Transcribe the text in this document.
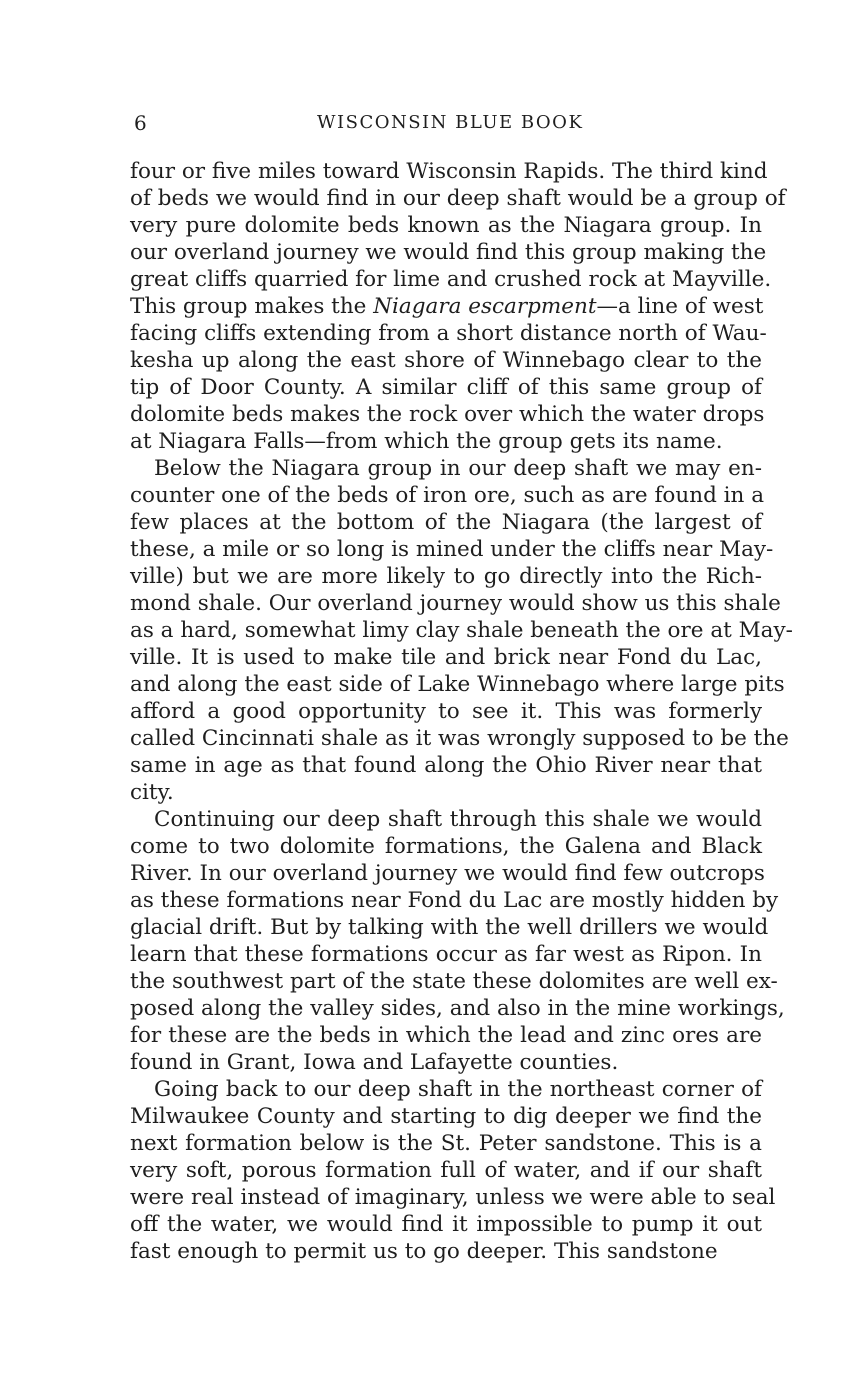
6	WISCONSIN BLUE BOOK
four or five miles toward Wisconsin Rapids. The third kind
of beds we would find in our deep shaft would be a group of
very pure dolomite beds known as the Niagara group. In
our overland journey we would find this group making the
great cliffs quarried for lime and crushed rock at Mayville.
This group makes the Niagara escarpment—a line of west
facing cliffs extending from a short distance north of Wau-
kesha up along the east shore of Winnebago clear to the
tip of Door County. A similar cliff of this same group of
dolomite beds makes the rock over which the water drops
at Niagara Falls—from which the group gets its name.
Below the Niagara group in our deep shaft we may en-
counter one of the beds of iron ore, such as are found in a
few places at the bottom of the Niagara (the largest of
these, a mile or so long is mined under the cliffs near May-
ville) but we are more likely to go directly into the Rich-
mond shale. Our overland journey would show us this shale
as a hard, somewhat limy clay shale beneath the ore at May-
ville. It is used to make tile and brick near Fond du Lac,
and along the east side of Lake Winnebago where large pits
afford a good opportunity to see it. This was formerly
called Cincinnati shale as it was wrongly supposed to be the
same in age as that found along the Ohio River near that
city.
Continuing our deep shaft through this shale we would
come to two dolomite formations, the Galena and Black
River. In our overland journey we would find few outcrops
as these formations near Fond du Lac are mostly hidden by
glacial drift. But by talking with the well drillers we would
learn that these formations occur as far west as Ripon. In
the southwest part of the state these dolomites are well ex-
posed along the valley sides, and also in the mine workings,
for these are the beds in which the lead and zinc ores are
found in Grant, Iowa and Lafayette counties.
Going back to our deep shaft in the northeast corner of
Milwaukee County and starting to dig deeper we find the
next formation below is the St. Peter sandstone. This is a
very soft, porous formation full of water, and if our shaft
were real instead of imaginary, unless we were able to seal
off the water, we would find it impossible to pump it out
fast enough to permit us to go deeper. This sandstone
